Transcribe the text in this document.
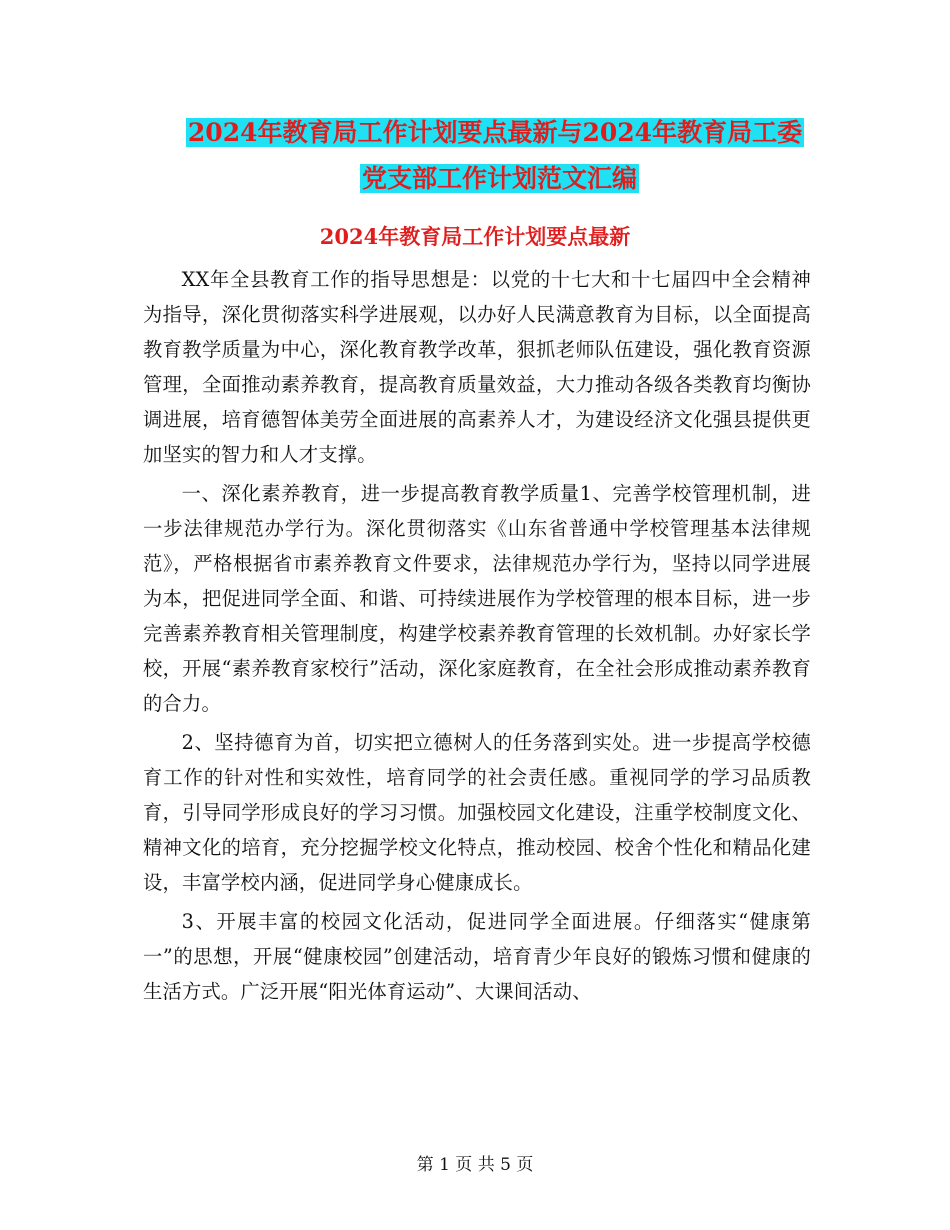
2024年教育局工作计划要点最新与2024年教育局工委
党支部工作计划范文汇编
2024年教育局工作计划要点最新

XX年全县教育工作的指导思想是：以党的十七大和十七届四中全会精神为指导，深化贯彻落实科学进展观，以办好人民满意教育为目标，以全面提高教育教学质量为中心，深化教育教学改革，狠抓老师队伍建设，强化教育资源管理，全面推动素养教育，提高教育质量效益，大力推动各级各类教育均衡协调进展，培育德智体美劳全面进展的高素养人才，为建设经济文化强县提供更加坚实的智力和人才支撑。

一、深化素养教育，进一步提高教育教学质量1、完善学校管理机制，进一步法律规范办学行为。深化贯彻落实《山东省普通中学校管理基本法律规范》，严格根据省市素养教育文件要求，法律规范办学行为，坚持以同学进展为本，把促进同学全面、和谐、可持续进展作为学校管理的根本目标，进一步完善素养教育相关管理制度，构建学校素养教育管理的长效机制。办好家长学校，开展“素养教育家校行”活动，深化家庭教育，在全社会形成推动素养教育的合力。

2、坚持德育为首，切实把立德树人的任务落到实处。进一步提高学校德育工作的针对性和实效性，培育同学的社会责任感。重视同学的学习品质教育，引导同学形成良好的学习习惯。加强校园文化建设，注重学校制度文化、精神文化的培育，充分挖掘学校文化特点，推动校园、校舍个性化和精品化建设，丰富学校内涵，促进同学身心健康成长。

3、开展丰富的校园文化活动，促进同学全面进展。仔细落实“健康第一”的思想，开展“健康校园”创建活动，培育青少年良好的锻炼习惯和健康的生活方式。广泛开展“阳光体育运动”、大课间活动、

第 1 页 共 5 页
